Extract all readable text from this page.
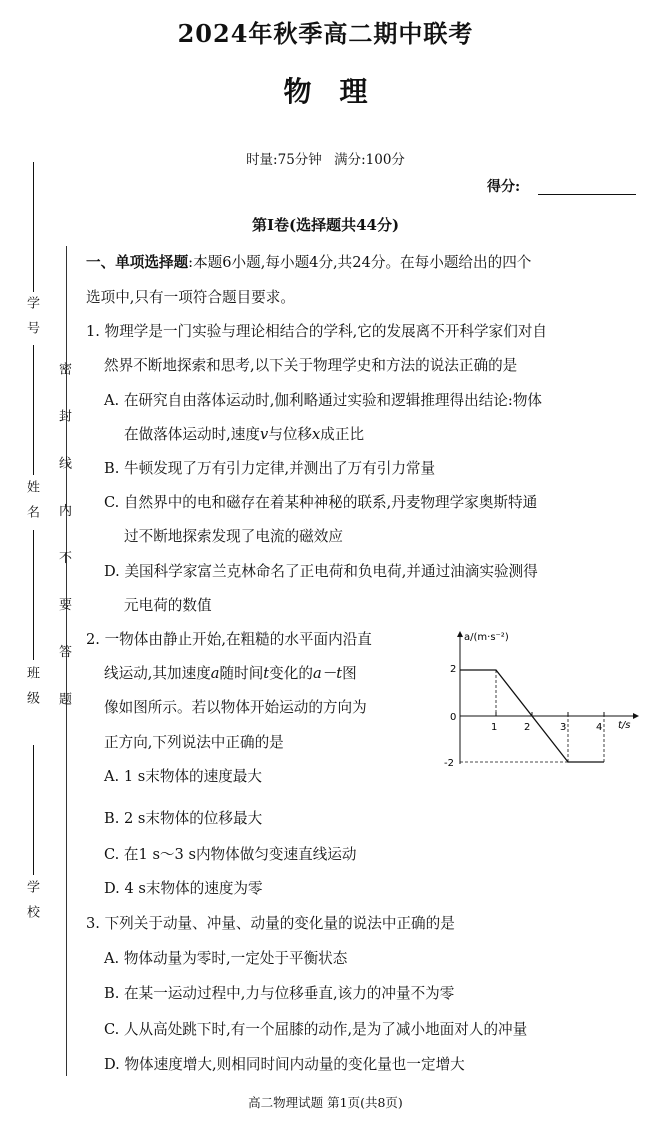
2024年秋季高二期中联考
物理
时量:75分钟 满分:100分
得分:
第Ⅰ卷(选择题共44分)
密 封 线 内 不 要 答 题
学号
姓名
班级
学校
一、单项选择题:本题6小题,每小题4分,共24分。在每小题给出的四个
选项中,只有一项符合题目要求。
1. 物理学是一门实验与理论相结合的学科,它的发展离不开科学家们对自
然界不断地探索和思考,以下关于物理学史和方法的说法正确的是
A. 在研究自由落体运动时,伽利略通过实验和逻辑推理得出结论:物体
在做落体运动时,速度v与位移x成正比
B. 牛顿发现了万有引力定律,并测出了万有引力常量
C. 自然界中的电和磁存在着某种神秘的联系,丹麦物理学家奥斯特通
过不断地探索发现了电流的磁效应
D. 美国科学家富兰克林命名了正电荷和负电荷,并通过油滴实验测得
元电荷的数值
2. 一物体由静止开始,在粗糙的水平面内沿直
线运动,其加速度a随时间t变化的a－t图
像如图所示。若以物体开始运动的方向为
正方向,下列说法中正确的是
A. 1 s末物体的速度最大
B. 2 s末物体的位移最大
C. 在1 s～3 s内物体做匀变速直线运动
D. 4 s末物体的速度为零
a/(m·s⁻²)
t/s
2
0
-2
1	2	3	4
3. 下列关于动量、冲量、动量的变化量的说法中正确的是
A. 物体动量为零时,一定处于平衡状态
B. 在某一运动过程中,力与位移垂直,该力的冲量不为零
C. 人从高处跳下时,有一个屈膝的动作,是为了减小地面对人的冲量
D. 物体速度增大,则相同时间内动量的变化量也一定增大
高二物理试题 第1页(共8页)
